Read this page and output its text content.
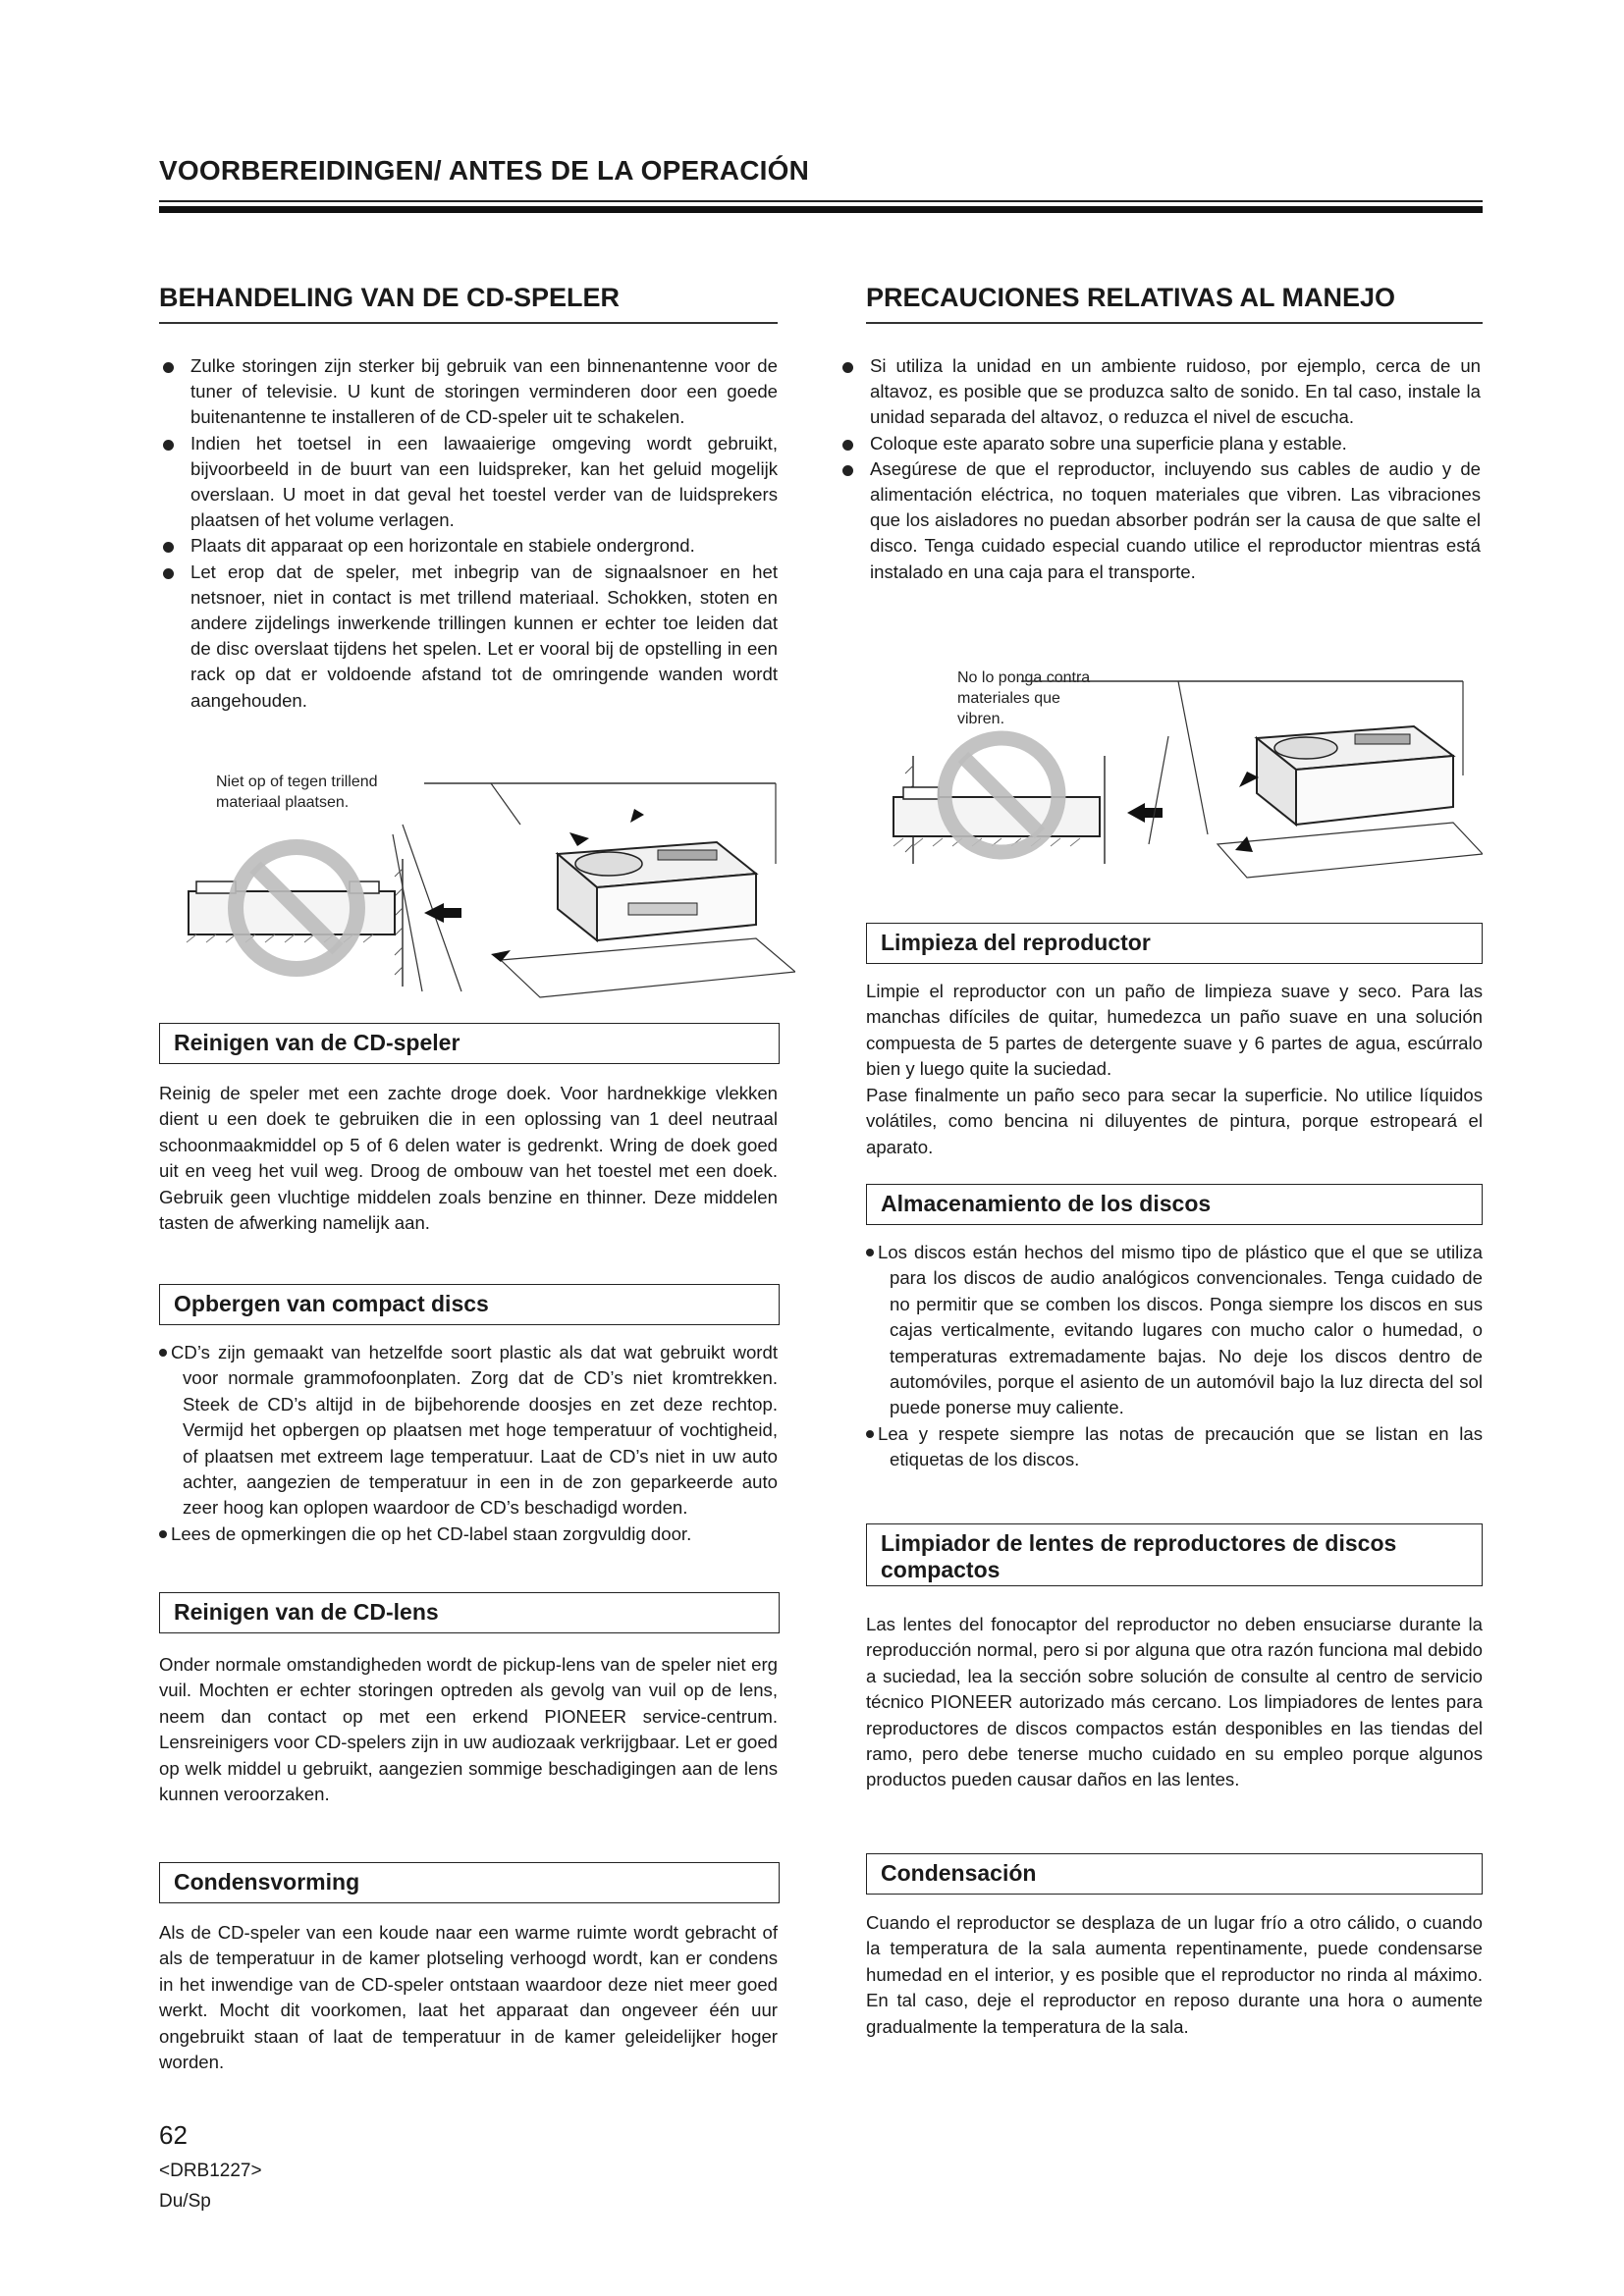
VOORBEREIDINGEN/ ANTES DE LA OPERACIÓN
BEHANDELING VAN DE CD-SPELER
Zulke storingen zijn sterker bij gebruik van een binnenantenne voor de tuner of televisie. U kunt de storingen verminderen door een goede buitenantenne te installeren of de CD-speler uit te schakelen.
Indien het toetsel in een lawaaierige omgeving wordt gebruikt, bijvoorbeeld in de buurt van een luidspreker, kan het geluid mogelijk overslaan. U moet in dat geval het toestel verder van de luidsprekers plaatsen of het volume verlagen.
Plaats dit apparaat op een horizontale en stabiele ondergrond.
Let erop dat de speler, met inbegrip van de signaalsnoer en het netsnoer, niet in contact is met trillend materiaal. Schokken, stoten en andere zijdelings inwerkende trillingen kunnen er echter toe leiden dat de disc overslaat tijdens het spelen. Let er vooral bij de opstelling in een rack op dat er voldoende afstand tot de omringende wanden wordt aangehouden.
Niet op of tegen trillend
materiaal plaatsen.
Reinigen van de CD-speler

Reinig de speler met een zachte droge doek. Voor hardnekkige vlekken dient u een doek te gebruiken die in een oplossing van 1 deel neutraal schoonmaakmiddel op 5 of 6 delen water is gedrenkt. Wring de doek goed uit en veeg het vuil weg. Droog de ombouw van het toestel met een doek. Gebruik geen vluchtige middelen zoals benzine en thinner. Deze middelen tasten de afwerking namelijk aan.

Opbergen van compact discs
CD’s zijn gemaakt van hetzelfde soort plastic als dat wat gebruikt wordt voor normale grammofoonplaten. Zorg dat de CD’s niet kromtrekken. Steek de CD’s altijd in de bijbehorende doosjes en zet deze rechtop. Vermijd het opbergen op plaatsen met hoge temperatuur of vochtigheid, of plaatsen met extreem lage temperatuur. Laat de CD’s niet in uw auto achter, aangezien de temperatuur in een in de zon geparkeerde auto zeer hoog kan oplopen waardoor de CD’s beschadigd worden.
Lees de opmerkingen die op het CD-label staan zorgvuldig door.
Reinigen van de CD-lens

Onder normale omstandigheden wordt de pickup-lens van de speler niet erg vuil. Mochten er echter storingen optreden als gevolg van vuil op de lens, neem dan contact op met een erkend PIONEER service-centrum. Lensreinigers voor CD-spelers zijn in uw audiozaak verkrijgbaar. Let er goed op welk middel u gebruikt, aangezien sommige beschadigingen aan de lens kunnen veroorzaken.

Condensvorming

Als de CD-speler van een koude naar een warme ruimte wordt gebracht of als de temperatuur in de kamer plotseling verhoogd wordt, kan er condens in het inwendige van de CD-speler ontstaan waardoor deze niet meer goed werkt. Mocht dit voorkomen, laat het apparaat dan ongeveer één uur ongebruikt staan of laat de temperatuur in de kamer geleidelijker hoger worden.

PRECAUCIONES RELATIVAS AL MANEJO
Si utiliza la unidad en un ambiente ruidoso, por ejemplo, cerca de un altavoz, es posible que se produzca salto de sonido. En tal caso, instale la unidad separada del altavoz, o reduzca el nivel de escucha.
Coloque este aparato sobre una superficie plana y estable.
Asegúrese de que el reproductor, incluyendo sus cables de audio y de alimentación eléctrica, no toquen materiales que vibren. Las vibraciones que los aisladores no puedan absorber podrán ser la causa de que salte el disco. Tenga cuidado especial cuando utilice el reproductor mientras está instalado en una caja para el transporte.
No lo ponga contra
materiales que
vibren.
Limpieza del reproductor

Limpie el reproductor con un paño de limpieza suave y seco. Para las manchas difíciles de quitar, humedezca un paño suave en una solución compuesta de 5 partes de detergente suave y 6 partes de agua, escúrralo bien y luego quite la suciedad.

Pase finalmente un paño seco para secar la superficie. No utilice líquidos volátiles, como bencina ni diluyentes de pintura, porque estropeará el aparato.

Almacenamiento de los discos
Los discos están hechos del mismo tipo de plástico que el que se utiliza para los discos de audio analógicos convencionales. Tenga cuidado de no permitir que se comben los discos. Ponga siempre los discos en sus cajas verticalmente, evitando lugares con mucho calor o humedad, o temperaturas extremadamente bajas. No deje los discos dentro de automóviles, porque el asiento de un automóvil bajo la luz directa del sol puede ponerse muy caliente.
Lea y respete siempre las notas de precaución que se listan en las etiquetas de los discos.
Limpiador de lentes de reproductores de discos compactos

Las lentes del fonocaptor del reproductor no deben ensuciarse durante la reproducción normal, pero si por alguna que otra razón funciona mal debido a suciedad, lea la sección sobre solución de consulte al centro de servicio técnico PIONEER autorizado más cercano. Los limpiadores de lentes para reproductores de discos compactos están desponibles en las tiendas del ramo, pero debe tenerse mucho cuidado en su empleo porque algunos productos pueden causar daños en las lentes.

Condensación

Cuando el reproductor se desplaza de un lugar frío a otro cálido, o cuando la temperatura de la sala aumenta repentinamente, puede condensarse humedad en el interior, y es posible que el reproductor no rinda al máximo. En tal caso, deje el reproductor en reposo durante una hora o aumente gradualmente la temperatura de la sala.

62
<DRB1227>
Du/Sp
